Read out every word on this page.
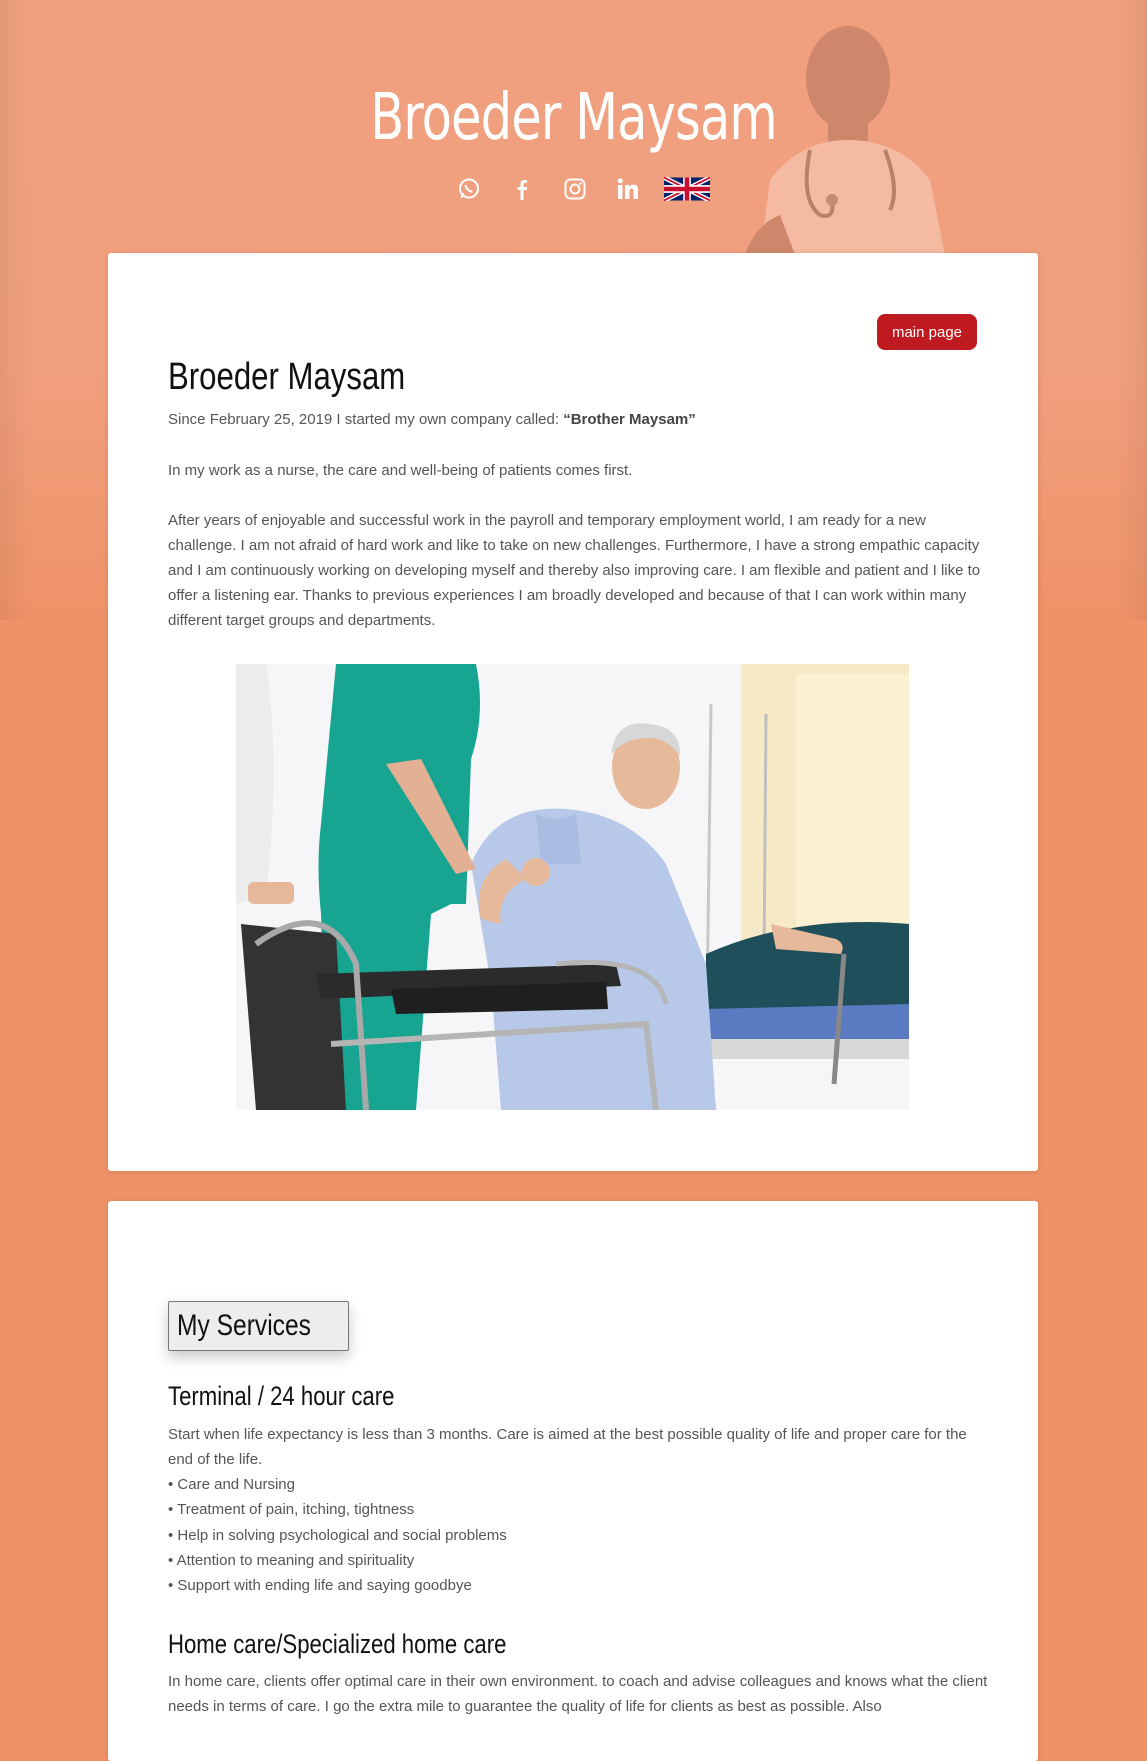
Broeder Maysam
main page
Broeder Maysam

Since February 25, 2019 I started my own company called: “Brother Maysam”

In my work as a nurse, the care and well-being of patients comes first.

After years of enjoyable and successful work in the payroll and temporary employment world, I am ready for a new challenge. I am not afraid of hard work and like to take on new challenges. Furthermore, I have a strong empathic capacity and I am continuously working on developing myself and thereby also improving care. I am flexible and patient and I like to offer a listening ear. Thanks to previous experiences I am broadly developed and because of that I can work within many different target groups and departments.

My Services
Terminal / 24 hour care

Start when life expectancy is less than 3 months. Care is aimed at the best possible quality of life and proper care for the end of the life.

• Care and Nursing
• Treatment of pain, itching, tightness
• Help in solving psychological and social problems
• Attention to meaning and spirituality
• Support with ending life and saying goodbye
Home care/Specialized home care

In home care, clients offer optimal care in their own environment. to coach and advise colleagues and knows what the client needs in terms of care. I go the extra mile to guarantee the quality of life for clients as best as possible. Also
